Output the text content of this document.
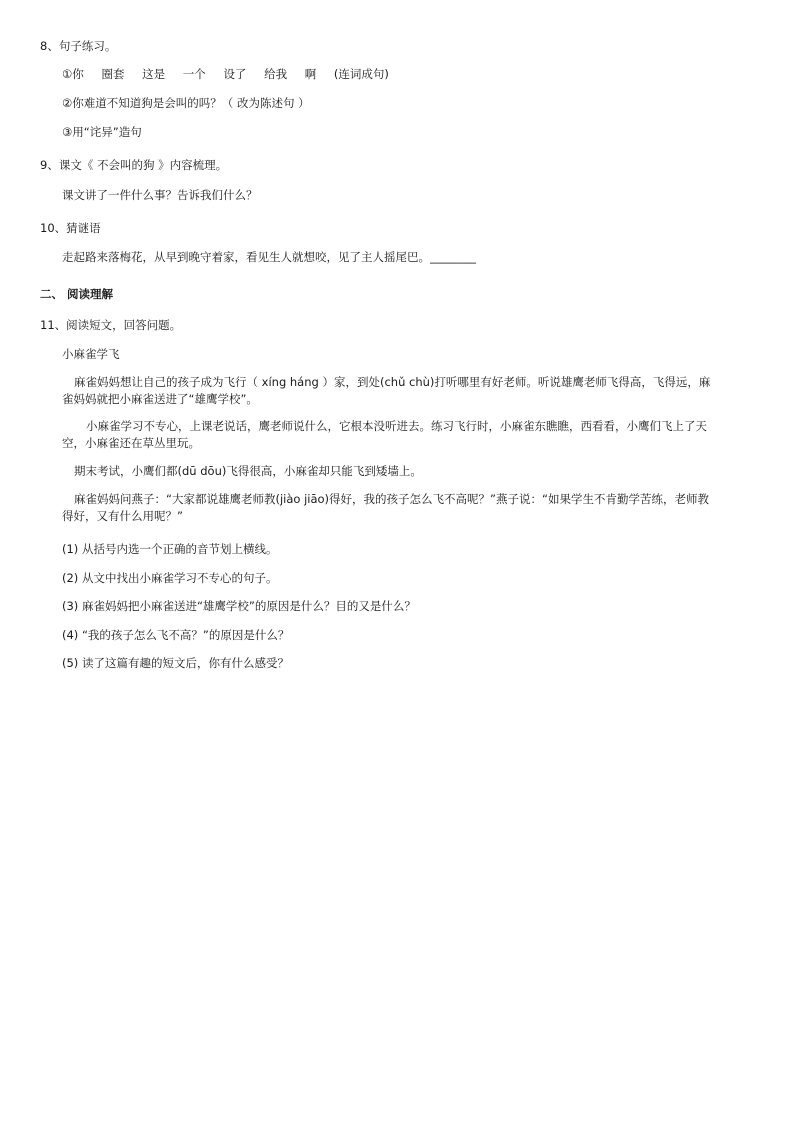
8、句子练习。
①你 圈套 这是 一个 设了 给我 啊 (连词成句)
②你难道不知道狗是会叫的吗？（ 改为陈述句 ）
③用“诧异”造句
9、课文《 不会叫的狗 》内容梳理。
课文讲了一件什么事？告诉我们什么？
10、猜谜语
走起路来落梅花，从早到晚守着家，看见生人就想咬，见了主人摇尾巴。________
二、 阅读理解
11、阅读短文，回答问题。
小麻雀学飞
麻雀妈妈想让自己的孩子成为飞行（ xíng háng ）家，到处(chǔ chù)打听哪里有好老师。听说雄鹰老师飞得高，飞得远，麻雀妈妈就把小麻雀送进了“雄鹰学校”。
小麻雀学习不专心，上课老说话，鹰老师说什么，它根本没听进去。练习飞行时，小麻雀东瞧瞧，西看看，小鹰们飞上了天空，小麻雀还在草丛里玩。
期末考试，小鹰们都(dū dōu)飞得很高，小麻雀却只能飞到矮墙上。
麻雀妈妈问燕子：“大家都说雄鹰老师教(jiào jiāo)得好，我的孩子怎么飞不高呢？”燕子说：“如果学生不肯勤学苦练，老师教得好，又有什么用呢？”
(1) 从括号内选一个正确的音节划上横线。
(2) 从文中找出小麻雀学习不专心的句子。
(3) 麻雀妈妈把小麻雀送进“雄鹰学校”的原因是什么？目的又是什么？
(4) “我的孩子怎么飞不高？”的原因是什么？
(5) 读了这篇有趣的短文后，你有什么感受？
